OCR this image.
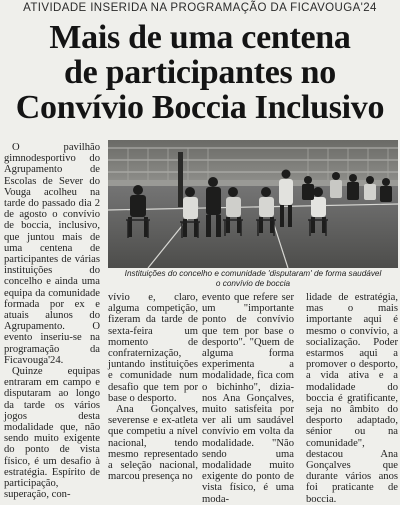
ATIVIDADE INSERIDA NA PROGRAMAÇÃO DA FICAVOUGA'24
Mais de uma centena
de participantes no
Convívio Boccia Inclusivo

O pavilhão gimnodesportivo do Agrupamento de Escolas de Sever do Vouga acolheu na tarde do passado dia 2 de agosto o convívio de boccia, inclusivo, que juntou mais de uma centena de participantes de várias instituições do concelho e ainda uma equipa da comunidade formada por ex e atuais alunos do Agrupamento. O evento inseriu-se na programação da Ficavouga'24.

Quinze equipas entraram em campo e disputaram ao longo da tarde os vários jogos desta modalidade que, não sendo muito exigente do ponto de vista físico, é um desafio à estratégia. Espírito de participação, superação, con-

Instituições do concelho e comunidade 'disputaram' de forma saudável
o convívio de boccia

vívio e, claro, alguma competição, fizeram da tarde de sexta-feira um momento de confraternização, juntando instituições e comunidade num desafio que tem por base o desporto.

Ana Gonçalves, severense e ex-atleta que competiu a nível nacional, tendo mesmo representado a seleção nacional, marcou presença no

evento que refere ser um "importante ponto de convívio que tem por base o desporto". "Quem de alguma forma experimenta a modalidade, fica com o bichinho", dizia-nos Ana Gonçalves, muito satisfeita por ver ali um saudável convívio em volta da modalidade. "Não sendo uma modalidade muito exigente do ponto de vista físico, é uma moda-

lidade de estratégia, mas o mais importante aqui é mesmo o convívio, a socialização. Poder estarmos aqui a promover o desporto, a vida ativa e a modalidade do boccia é gratificante, seja no âmbito do desporto adaptado, sénior ou na comunidade", destacou Ana Gonçalves que durante vários anos foi praticante de boccia.
